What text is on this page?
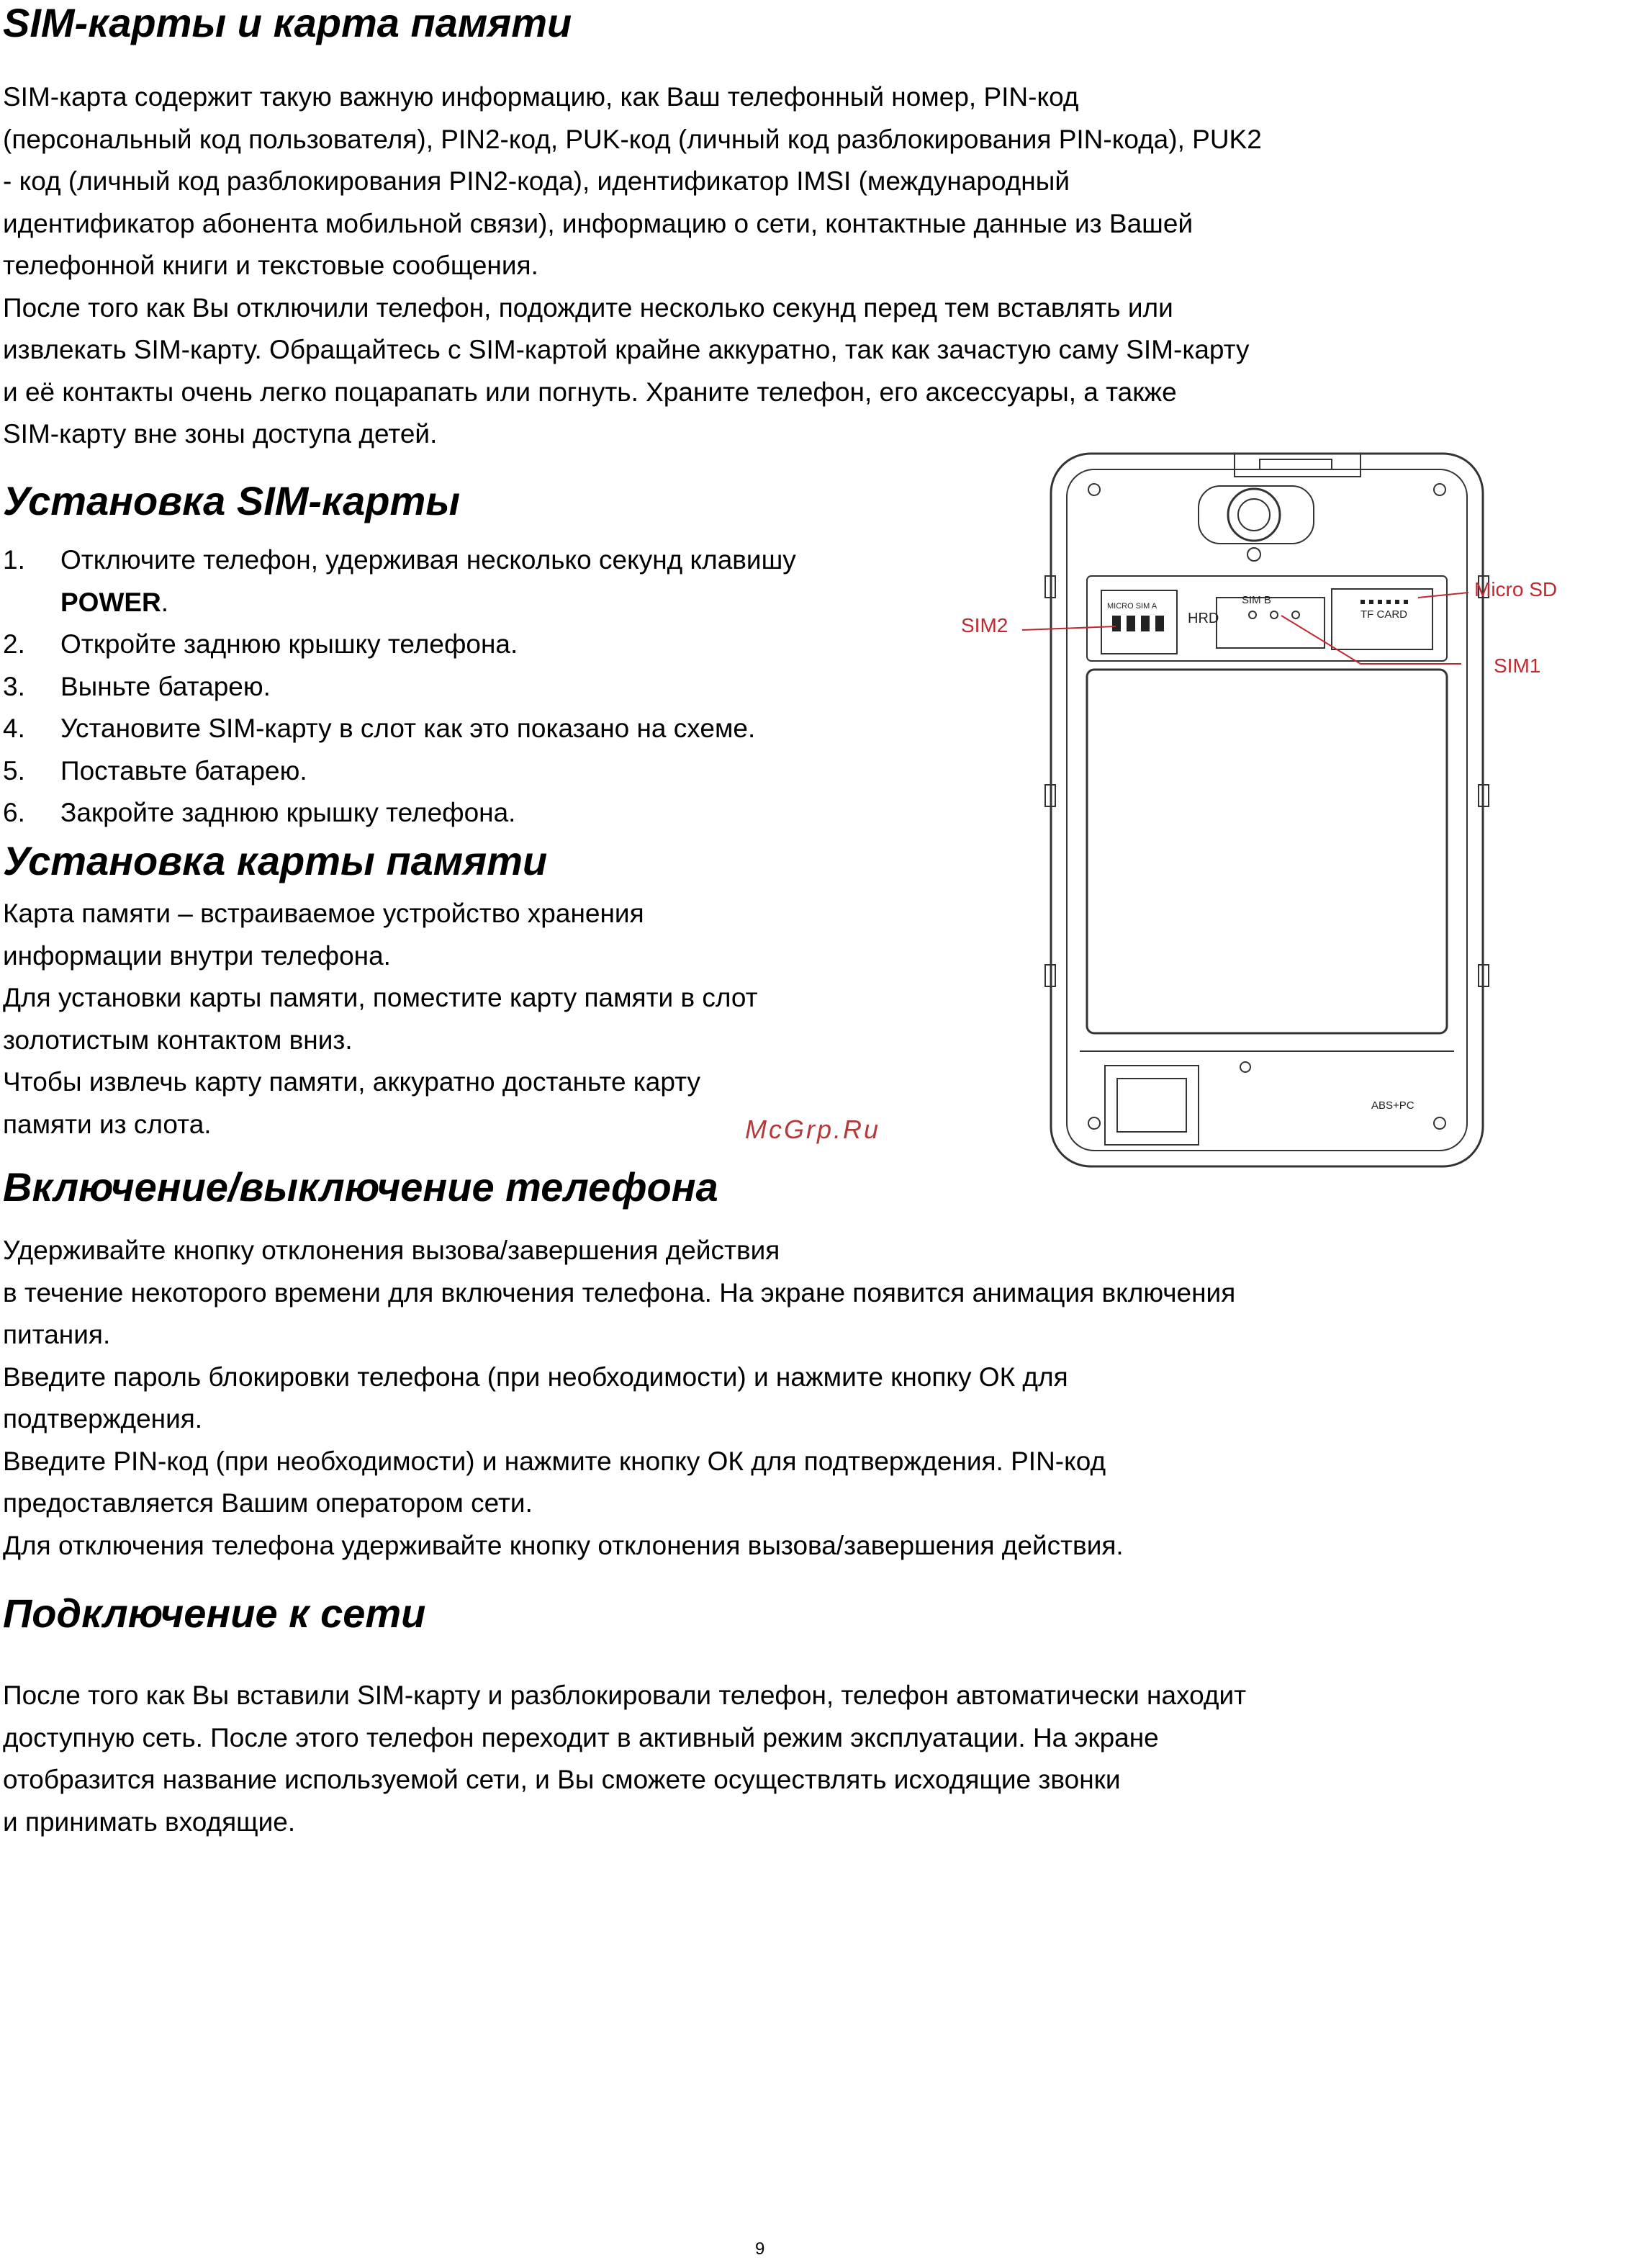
SIM-карты и карта памяти
SIM-карта содержит такую важную информацию, как Ваш телефонный номер, PIN-код
(персональный код пользователя), PIN2-код, PUK-код (личный код разблокирования PIN-кода), PUK2
- код (личный код разблокирования PIN2-кода), идентификатор IMSI (международный
идентификатор абонента мобильной связи), информацию о сети, контактные данные из Вашей
телефонной книги и текстовые сообщения.
После того как Вы отключили телефон, подождите несколько секунд перед тем вставлять или
извлекать SIM-карту. Обращайтесь с SIM-картой крайне аккуратно, так как зачастую саму SIM-карту
и её контакты очень легко поцарапать или погнуть. Храните телефон, его аксессуары, а также
SIM-карту вне зоны доступа детей.
Установка SIM-карты
1. Отключите телефон, удерживая несколько секунд клавишу
POWER.
2. Откройте заднюю крышку телефона.
3. Выньте батарею.
4. Установите SIM-карту в слот как это показано на схеме.
5. Поставьте батарею.
6. Закройте заднюю крышку телефона.
Установка карты памяти
Карта памяти – встраиваемое устройство хранения
информации внутри телефона.
Для установки карты памяти, поместите карту памяти в слот
золотистым контактом вниз.
Чтобы извлечь карту памяти, аккуратно достаньте карту
памяти из слота.	McGrp.Ru
Включение/выключение телефона
Удерживайте кнопку отклонения вызова/завершения действия
в течение некоторого времени для включения телефона. На экране появится анимация включения
питания.
Введите пароль блокировки телефона (при необходимости) и нажмите кнопку ОК для
подтверждения.
Введите PIN-код (при необходимости) и нажмите кнопку ОК для подтверждения. PIN-код
предоставляется Вашим оператором сети.
Для отключения телефона удерживайте кнопку отклонения вызова/завершения действия.
Подключение к сети
После того как Вы вставили SIM-карту и разблокировали телефон, телефон автоматически находит
доступную сеть. После этого телефон переходит в активный режим эксплуатации. На экране
отобразится название используемой сети, и Вы сможете осуществлять исходящие звонки
и принимать входящие.
HRD
SIM B
TF CARD
MICRO SIM A
ABS+PC
SIM2
Micro SD
SIM1
9
